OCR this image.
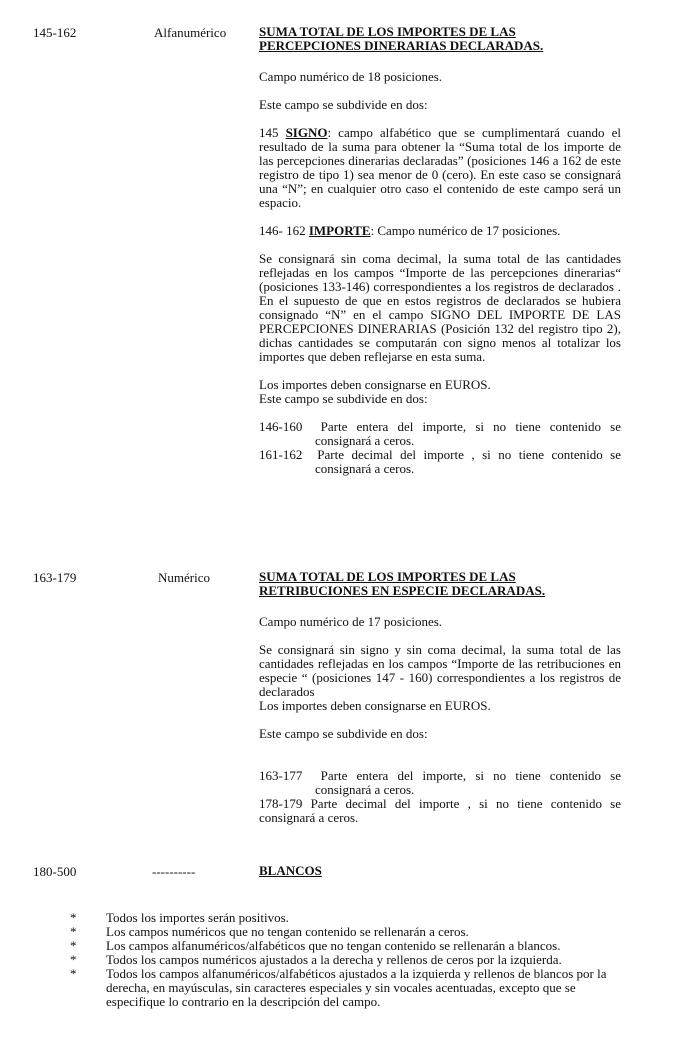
145-162	Alfanumérico	SUMA TOTAL DE LOS IMPORTES DE LAS
PERCEPCIONES DINERARIAS DECLARADAS.

Campo numérico de 18 posiciones.

Este campo se subdivide en dos:

145 SIGNO: campo alfabético que se cumplimentará cuando el resultado de la suma para obtener la “Suma total de los importe de las percepciones dinerarias declaradas” (posiciones 146 a 162 de este registro de tipo 1) sea menor de 0 (cero). En este caso se consignará una “N”; en cualquier otro caso el contenido de este campo será un espacio.

146- 162 IMPORTE: Campo numérico de 17 posiciones.

Se consignará sin coma decimal, la suma total de las cantidades reflejadas en los campos “Importe de las percepciones dinerarias“ (posiciones 133-146) correspondientes a los registros de declarados . En el supuesto de que en estos registros de declarados se hubiera consignado “N” en el campo SIGNO DEL IMPORTE DE LAS PERCEPCIONES DINERARIAS (Posición 132 del registro tipo 2), dichas cantidades se computarán con signo menos al totalizar los importes que deben reflejarse en esta suma.

Los importes deben consignarse en EUROS.

Este campo se subdivide en dos:

146-160 Parte entera del importe, si no tiene contenido se consignará a ceros.
161-162 Parte decimal del importe , si no tiene contenido se consignará a ceros.
163-179	Numérico	SUMA TOTAL DE LOS IMPORTES DE LAS
RETRIBUCIONES EN ESPECIE DECLARADAS.

Campo numérico de 17 posiciones.

Se consignará sin signo y sin coma decimal, la suma total de las cantidades reflejadas en los campos “Importe de las retribuciones en especie “ (posiciones 147 - 160) correspondientes a los registros de declarados

Los importes deben consignarse en EUROS.

Este campo se subdivide en dos:

163-177 Parte entera del importe, si no tiene contenido se consignará a ceros.
178-179 Parte decimal del importe , si no tiene contenido se consignará a ceros.
180-500	----------	BLANCOS
*	Todos los importes serán positivos.
*	Los campos numéricos que no tengan contenido se rellenarán a ceros.
*	Los campos alfanuméricos/alfabéticos que no tengan contenido se rellenarán a blancos.
*	Todos los campos numéricos ajustados a la derecha y rellenos de ceros por la izquierda.
*	Todos los campos alfanuméricos/alfabéticos ajustados a la izquierda y rellenos de blancos por la derecha, en mayúsculas, sin caracteres especiales y sin vocales acentuadas, excepto que se especifique lo contrario en la descripción del campo.
